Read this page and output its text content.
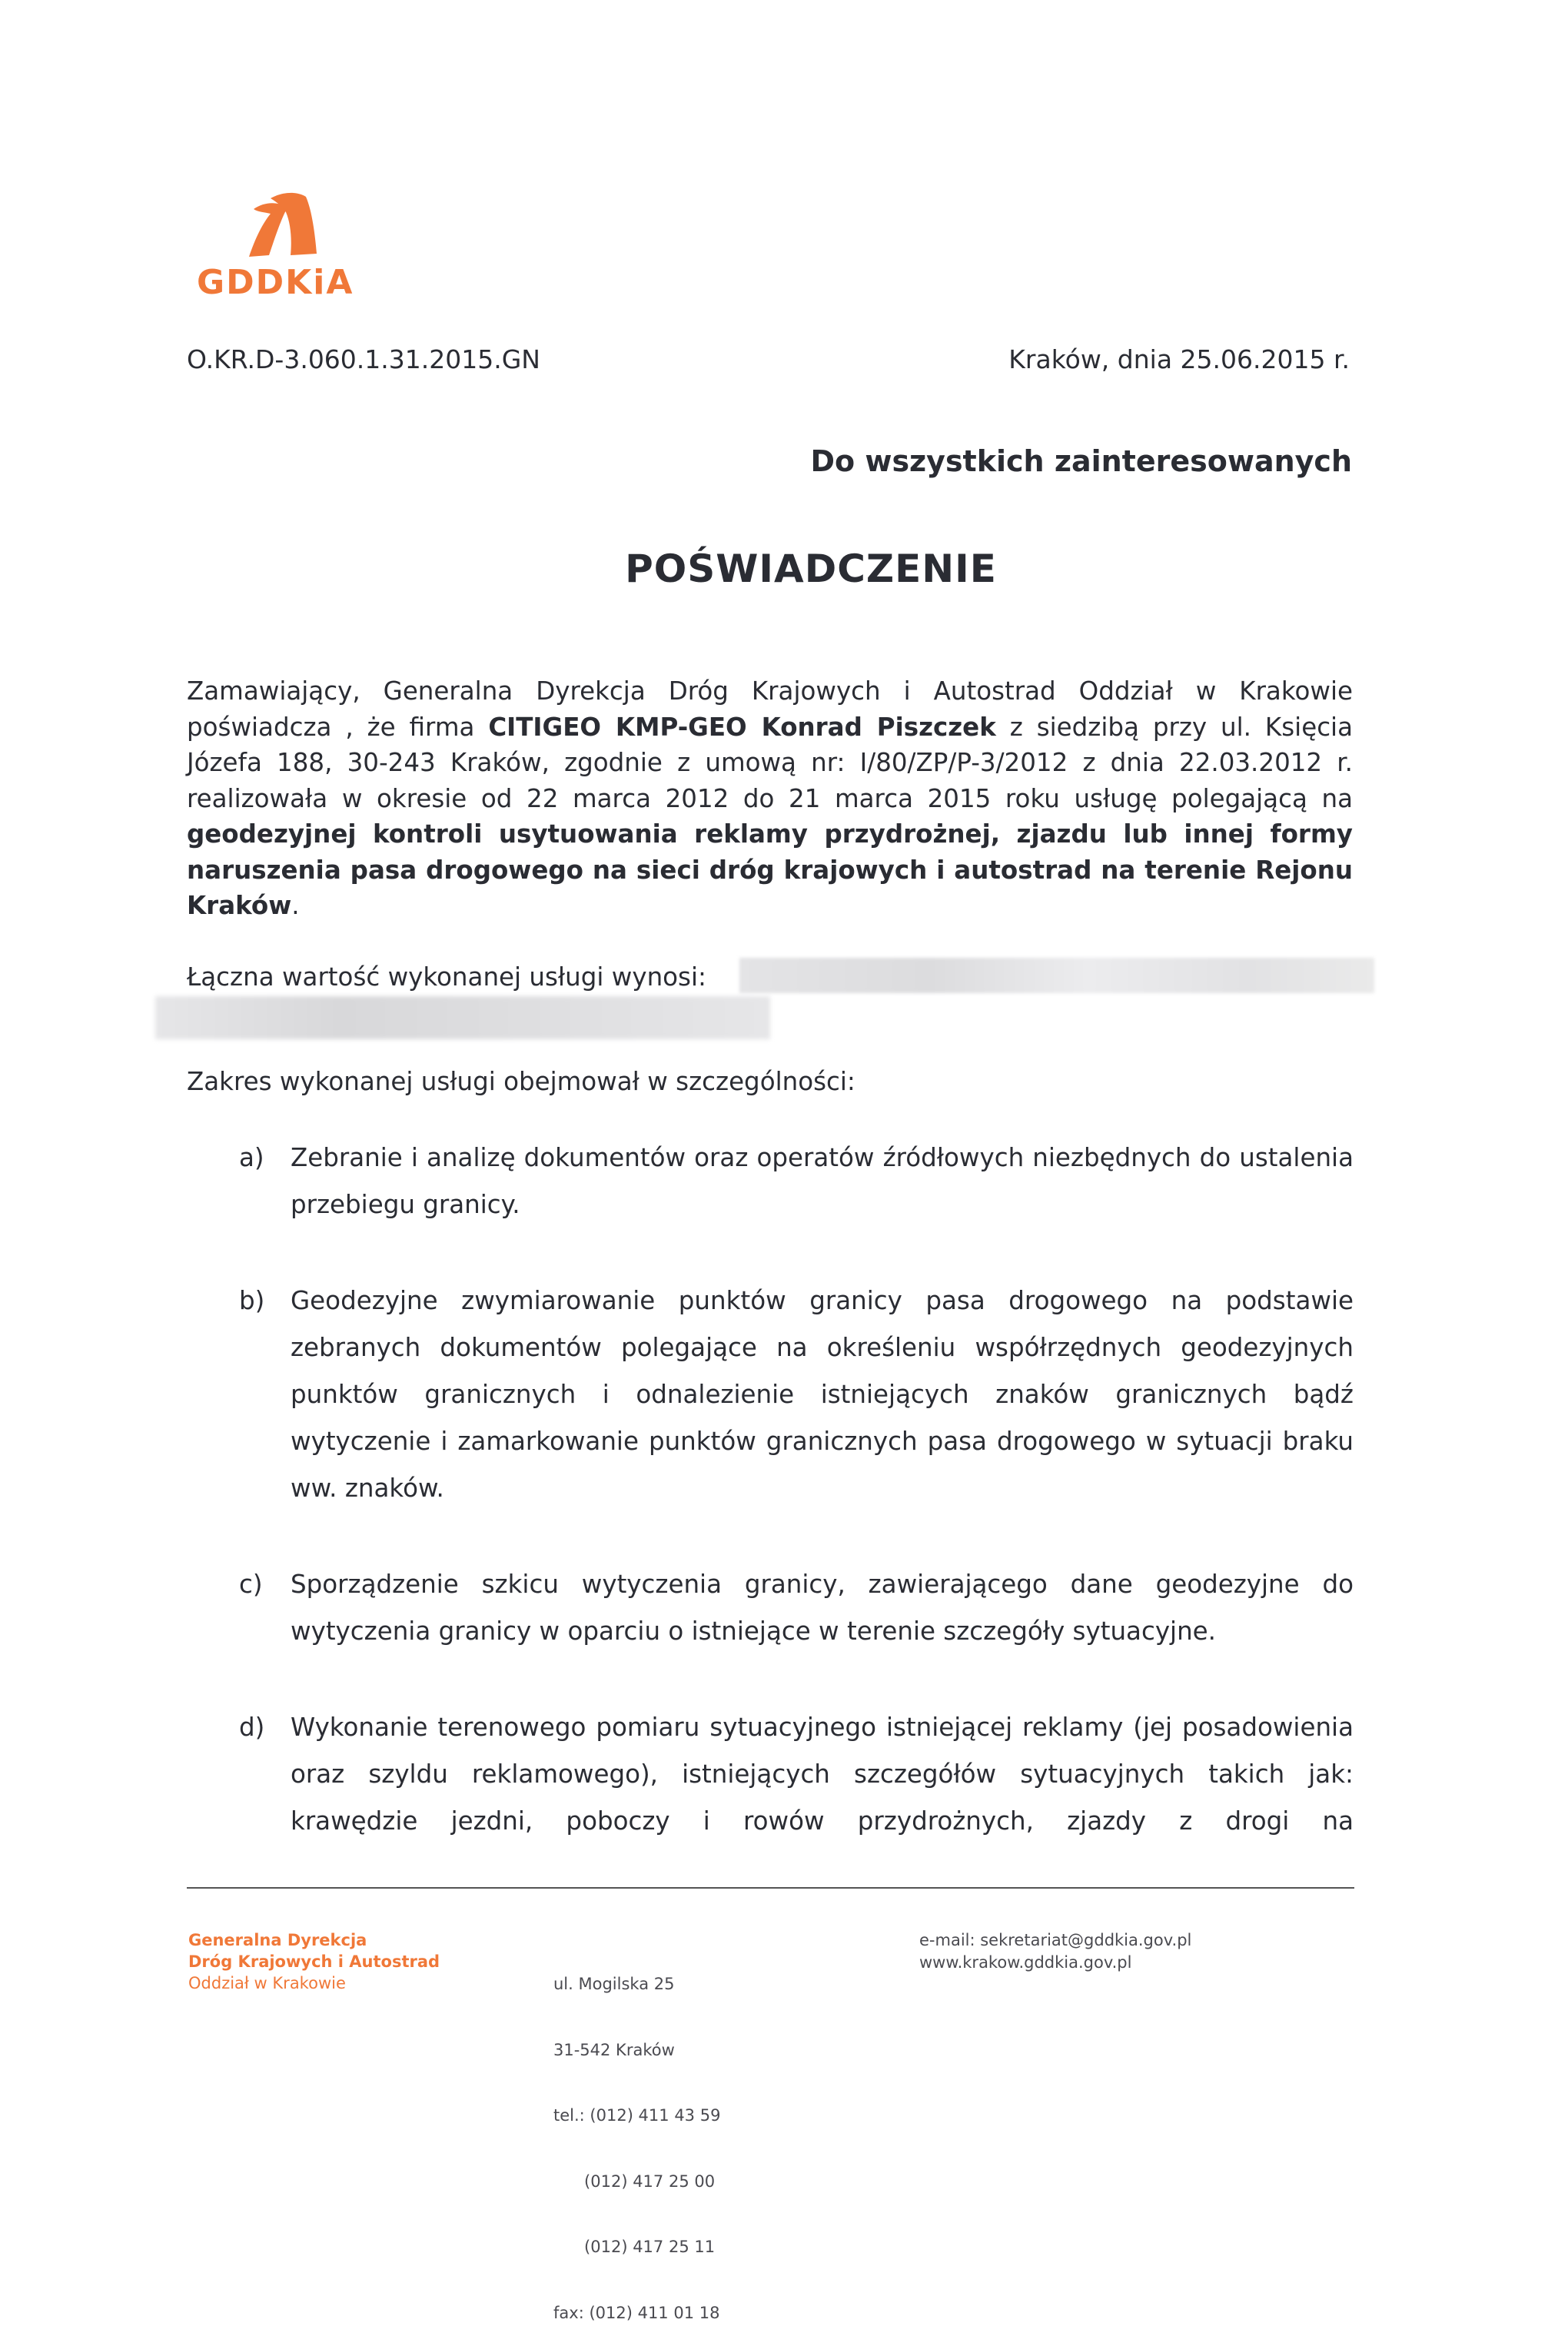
GDDKiA
O.KR.D-3.060.1.31.2015.GN	Kraków, dnia 25.06.2015 r.
Do wszystkich zainteresowanych
POŚWIADCZENIE
Zamawiający, Generalna Dyrekcja Dróg Krajowych i Autostrad Oddział w Krakowie poświadcza , że firma CITIGEO KMP-GEO Konrad Piszczek z siedzibą przy ul. Księcia Józefa 188, 30-243 Kraków, zgodnie z umową nr: I/80/ZP/P-3/2012 z dnia 22.03.2012 r. realizowała w okresie od 22 marca 2012 do 21 marca 2015 roku usługę polegającą na geodezyjnej kontroli usytuowania reklamy przydrożnej, zjazdu lub innej formy naruszenia pasa drogowego na sieci dróg krajowych i autostrad na terenie Rejonu Kraków.
Łączna wartość wykonanej usługi wynosi:
Zakres wykonanej usługi obejmował w szczególności:
a)	Zebranie i analizę dokumentów oraz operatów źródłowych niezbędnych do ustalenia przebiegu granicy.
b)	Geodezyjne zwymiarowanie punktów granicy pasa drogowego na podstawie zebranych dokumentów polegające na określeniu współrzędnych geodezyjnych punktów granicznych i odnalezienie istniejących znaków granicznych bądź wytyczenie i zamarkowanie punktów granicznych pasa drogowego w sytuacji braku ww. znaków.
c)	Sporządzenie szkicu wytyczenia granicy, zawierającego dane geodezyjne do wytyczenia granicy w oparciu o istniejące w terenie szczegóły sytuacyjne.
d)	Wykonanie terenowego pomiaru sytuacyjnego istniejącej reklamy (jej posadowienia oraz szyldu reklamowego), istniejących szczegółów sytuacyjnych takich jak: krawędzie jezdni, poboczy i rowów przydrożnych, zjazdy z drogi na
Generalna Dyrekcja
Dróg Krajowych i Autostrad
Oddział w Krakowie

	ul. Mogilska 25

31-542 Kraków

tel.: (012) 411 43 59

(012) 417 25 00

(012) 417 25 11

fax: (012) 411 01 18

e-mail: sekretariat@gddkia.gov.pl
www.krakow.gddkia.gov.pl
